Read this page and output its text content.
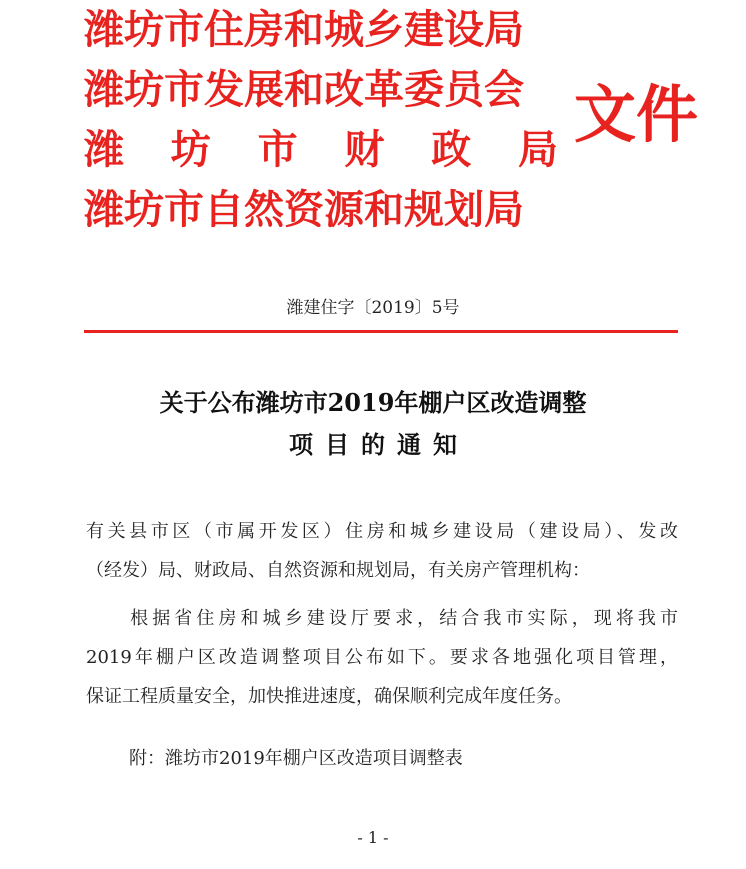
潍坊市住房和城乡建设局
潍坊市发展和改革委员会
潍 坊 市 财 政 局
潍坊市自然资源和规划局
文件
潍建住字〔2019〕5号
关于公布潍坊市2019年棚户区改造调整
项目的通知
有关县市区（市属开发区）住房和城乡建设局（建设局）、发改
（经发）局、财政局、自然资源和规划局，有关房产管理机构：
　　根据省住房和城乡建设厅要求，结合我市实际，现将我市
2019年棚户区改造调整项目公布如下。要求各地强化项目管理，
保证工程质量安全，加快推进速度，确保顺利完成年度任务。
附：潍坊市2019年棚户区改造项目调整表
- 1 -
